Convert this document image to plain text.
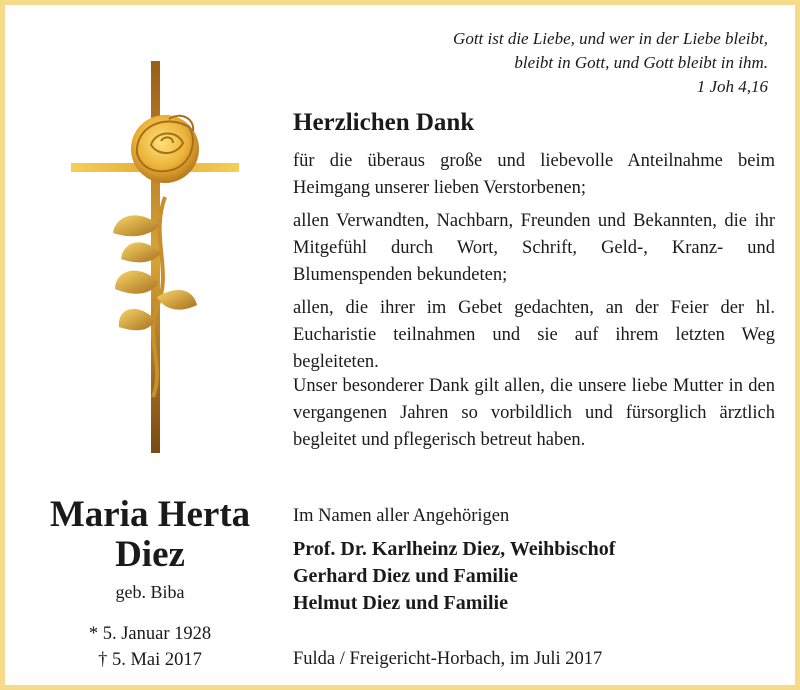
Gott ist die Liebe, und wer in der Liebe bleibt,
bleibt in Gott, und Gott bleibt in ihm.
1 Joh 4,16
Herzlichen Dank
für die überaus große und liebevolle Anteilnahme beim Heimgang unserer lieben Verstorbenen;
allen Verwandten, Nachbarn, Freunden und Bekannten, die ihr Mitgefühl durch Wort, Schrift, Geld-, Kranz- und Blumenspenden bekundeten;
allen, die ihrer im Gebet gedachten, an der Feier der hl. Eucharistie teilnahmen und sie auf ihrem letzten Weg begleiteten.
Unser besonderer Dank gilt allen, die unsere liebe Mutter in den vergangenen Jahren so vorbildlich und fürsorglich ärztlich begleitet und pflegerisch betreut haben.
Im Namen aller Angehörigen
Prof. Dr. Karlheinz Diez, Weihbischof
Gerhard Diez und Familie
Helmut Diez und Familie
Fulda / Freigericht-Horbach, im Juli 2017
Maria Herta
Diez
geb. Biba
* 5. Januar 1928
† 5. Mai 2017
